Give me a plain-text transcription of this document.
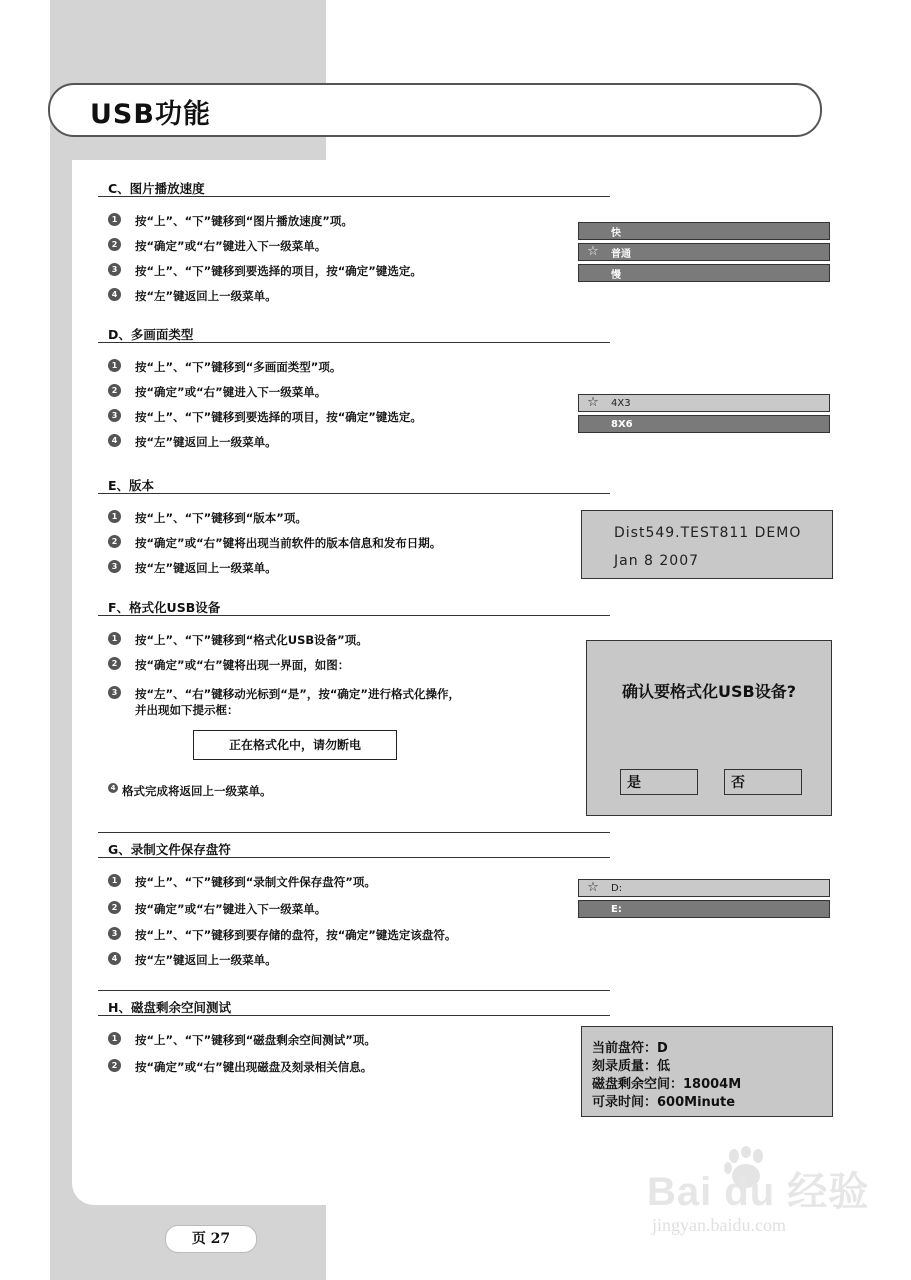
USB功能
C、图片播放速度
1	按“上”、“下”键移到“图片播放速度”项。
2	按“确定”或“右”键进入下一级菜单。
3	按“上”、“下”键移到要选择的项目，按“确定”键选定。
4	按“左”键返回上一级菜单。
快
☆	普通
慢
D、多画面类型
1	按“上”、“下”键移到“多画面类型”项。
2	按“确定”或“右”键进入下一级菜单。
3	按“上”、“下”键移到要选择的项目，按“确定”键选定。
4	按“左”键返回上一级菜单。
☆	4X3
8X6
E、版本
1	按“上”、“下”键移到“版本”项。
2	按“确定”或“右”键将出现当前软件的版本信息和发布日期。
3	按“左”键返回上一级菜单。
Dist549.TEST811 DEMO
Jan 8 2007
F、格式化USB设备
1	按“上”、“下”键移到“格式化USB设备”项。
2	按“确定”或“右”键将出现一界面，如图：
3	按“左”、“右”键移动光标到“是”，按“确定”进行格式化操作，
并出现如下提示框：
正在格式化中，请勿断电
4 格式完成将返回上一级菜单。
确认要格式化USB设备?
是	否
G、录制文件保存盘符
1	按“上”、“下”键移到“录制文件保存盘符”项。
2	按“确定”或“右”键进入下一级菜单。
3	按“上”、“下”键移到要存储的盘符，按“确定”键选定该盘符。
4	按“左”键返回上一级菜单。
☆	D:
E:
H、磁盘剩余空间测试
1	按“上”、“下”键移到“磁盘剩余空间测试”项。
2	按“确定”或“右”键出现磁盘及刻录相关信息。
当前盘符：D
刻录质量：低
磁盘剩余空间：18004M
可录时间：600Minute
页 27
Bai du 经验
jingyan.baidu.com
